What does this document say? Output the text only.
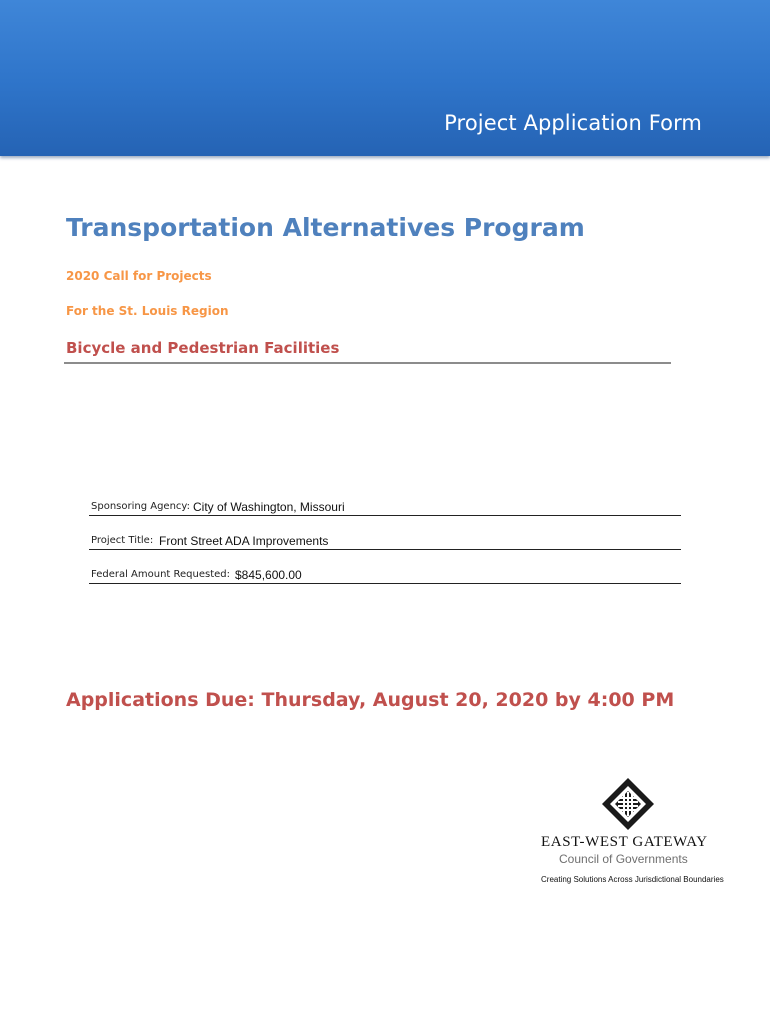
Project Application Form
Transportation Alternatives Program
2020 Call for Projects
For the St. Louis Region
Bicycle and Pedestrian Facilities
Sponsoring Agency: City of Washington, Missouri
Project Title: Front Street ADA Improvements
Federal Amount Requested: $845,600.00
Applications Due: Thursday, August 20, 2020 by 4:00 PM
EAST-WEST GATEWAY
Council of Governments
Creating Solutions Across Jurisdictional Boundaries
